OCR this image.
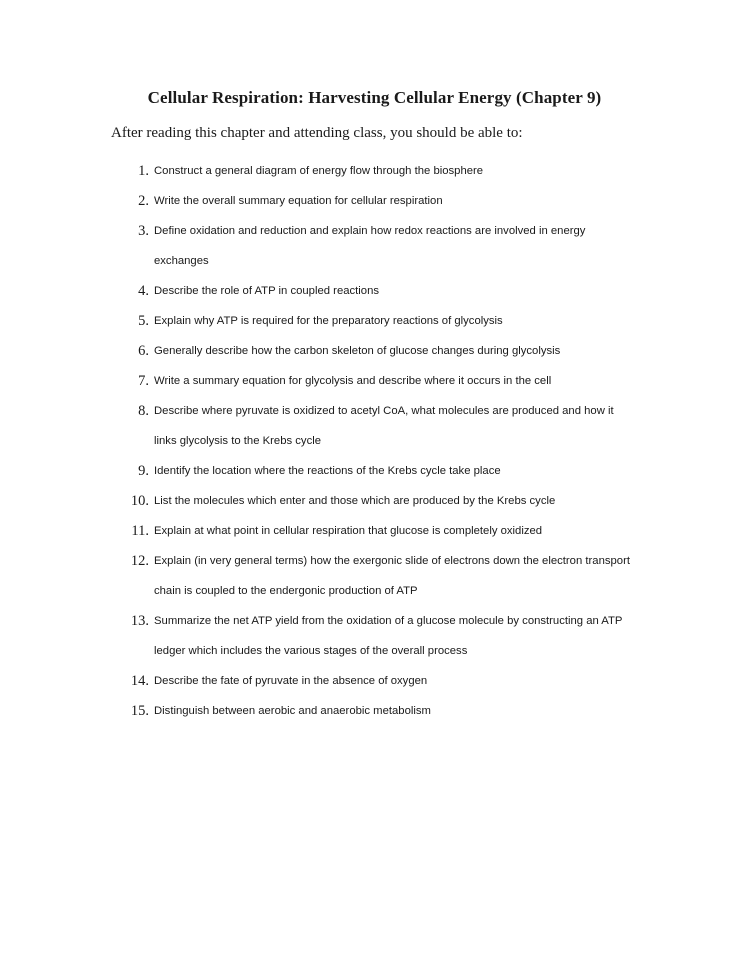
Cellular Respiration: Harvesting Cellular Energy (Chapter 9)

After reading this chapter and attending class, you should be able to:

1. Construct a general diagram of energy flow through the biosphere
2. Write the overall summary equation for cellular respiration
3. Define oxidation and reduction and explain how redox reactions are involved in energy exchanges
4. Describe the role of ATP in coupled reactions
5. Explain why ATP is required for the preparatory reactions of glycolysis
6. Generally describe how the carbon skeleton of glucose changes during glycolysis
7. Write a summary equation for glycolysis and describe where it occurs in the cell
8. Describe where pyruvate is oxidized to acetyl CoA, what molecules are produced and how it links glycolysis to the Krebs cycle
9. Identify the location where the reactions of the Krebs cycle take place
10. List the molecules which enter and those which are produced by the Krebs cycle
11. Explain at what point in cellular respiration that glucose is completely oxidized
12. Explain (in very general terms) how the exergonic slide of electrons down the electron transport chain is coupled to the endergonic production of ATP
13. Summarize the net ATP yield from the oxidation of a glucose molecule by constructing an ATP ledger which includes the various stages of the overall process
14. Describe the fate of pyruvate in the absence of oxygen
15. Distinguish between aerobic and anaerobic metabolism
